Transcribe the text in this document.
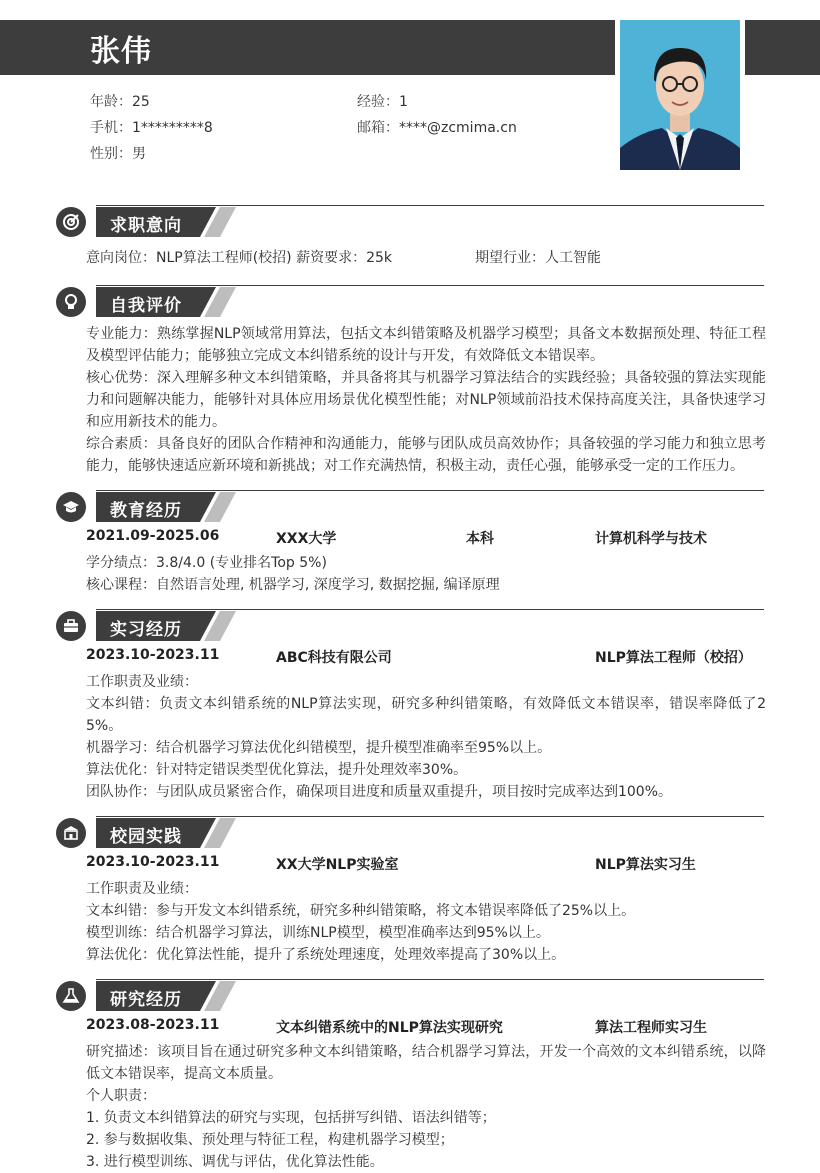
张伟
年龄：25	经验：1
手机：1*********8	邮箱：****@zcmima.cn
性别：男
求职意向
意向岗位：NLP算法工程师(校招) 薪资要求：25k	期望行业：人工智能
自我评价
专业能力：熟练掌握NLP领域常用算法，包括文本纠错策略及机器学习模型；具备文本数据预处理、特征工程及模型评估能力；能够独立完成文本纠错系统的设计与开发，有效降低文本错误率。
核心优势：深入理解多种文本纠错策略，并具备将其与机器学习算法结合的实践经验；具备较强的算法实现能力和问题解决能力，能够针对具体应用场景优化模型性能；对NLP领域前沿技术保持高度关注，具备快速学习和应用新技术的能力。
综合素质：具备良好的团队合作精神和沟通能力，能够与团队成员高效协作；具备较强的学习能力和独立思考能力，能够快速适应新环境和新挑战；对工作充满热情，积极主动，责任心强，能够承受一定的工作压力。
教育经历
2021.09-2025.06	XXX大学	本科	计算机科学与技术
学分绩点：3.8/4.0 (专业排名Top 5%)
核心课程：自然语言处理, 机器学习, 深度学习, 数据挖掘, 编译原理
实习经历
2023.10-2023.11	ABC科技有限公司	NLP算法工程师（校招）
工作职责及业绩：
文本纠错：负责文本纠错系统的NLP算法实现，研究多种纠错策略，有效降低文本错误率，错误率降低了25%。
机器学习：结合机器学习算法优化纠错模型，提升模型准确率至95%以上。
算法优化：针对特定错误类型优化算法，提升处理效率30%。
团队协作：与团队成员紧密合作，确保项目进度和质量双重提升，项目按时完成率达到100%。
校园实践
2023.10-2023.11	XX大学NLP实验室	NLP算法实习生
工作职责及业绩：
文本纠错：参与开发文本纠错系统，研究多种纠错策略，将文本错误率降低了25%以上。
模型训练：结合机器学习算法，训练NLP模型，模型准确率达到95%以上。
算法优化：优化算法性能，提升了系统处理速度，处理效率提高了30%以上。
研究经历
2023.08-2023.11	文本纠错系统中的NLP算法实现研究	算法工程师实习生
研究描述：该项目旨在通过研究多种文本纠错策略，结合机器学习算法，开发一个高效的文本纠错系统，以降低文本错误率，提高文本质量。
个人职责：
1. 负责文本纠错算法的研究与实现，包括拼写纠错、语法纠错等；
2. 参与数据收集、预处理与特征工程，构建机器学习模型；
3. 进行模型训练、调优与评估，优化算法性能。
